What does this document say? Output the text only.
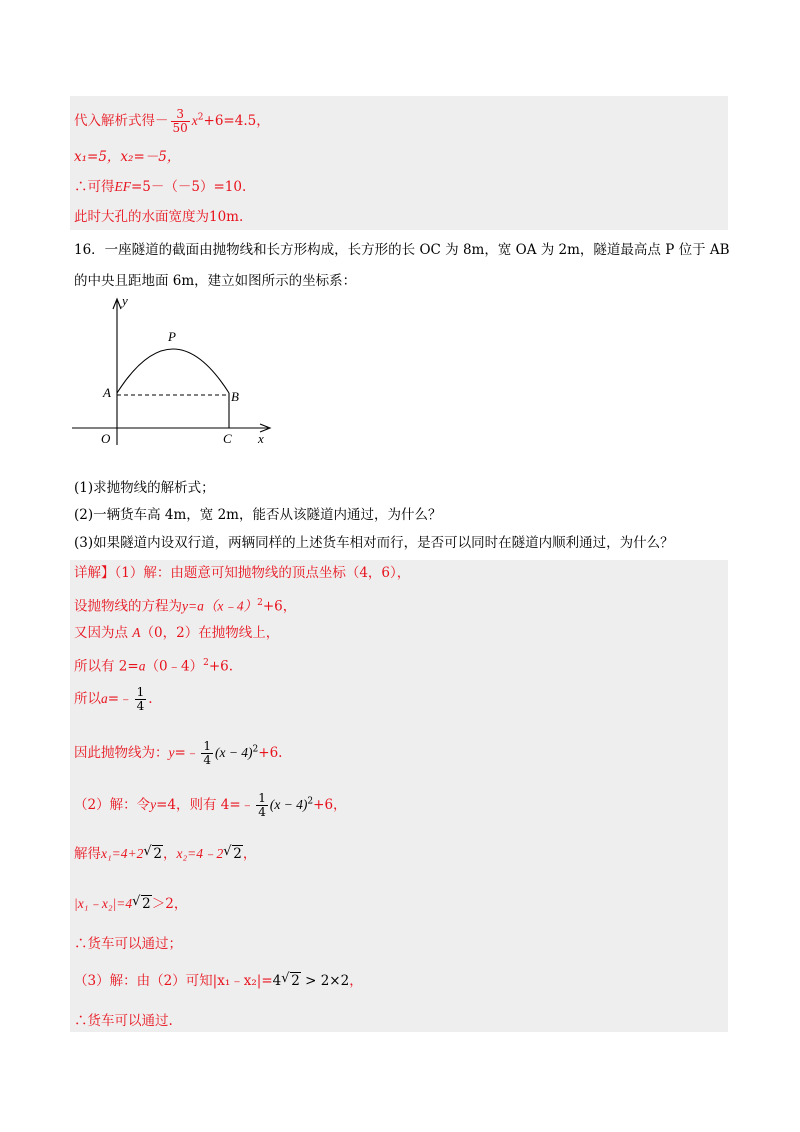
代入解析式得－ $\frac{3}{50} x^2+6=4.5$，
x₁=5，x₂=－5，
∴可得EF=5－（－5）=10.
此时大孔的水面宽度为10m.
16．一座隧道的截面由抛物线和长方形构成，长方形的长 OC 为 8m，宽 OA 为 2m，隧道最高点 P 位于 AB
的中央且距地面 6m，建立如图所示的坐标系：
y
P
A	B
O	C x
(1)求抛物线的解析式；
(2)一辆货车高 4m，宽 2m，能否从该隧道内通过，为什么？
(3)如果隧道内设双行道，两辆同样的上述货车相对而行，是否可以同时在隧道内顺利通过，为什么？
详解】（1）解：由题意可知抛物线的顶点坐标（4，6），
设抛物线的方程为y=a（x﹣4）$^2$+6，
又因为点 A（0，2）在抛物线上，
所以有 2=a（0﹣4）$^2$+6.
所以a=﹣ $\frac{1}{4}$ .
因此抛物线为：y=﹣ $\frac{1}{4} (x - 4)^2+6$.
（2）解：令y=4，则有 4=﹣ $\frac{1}{4} (x - 4)^2+6$，
解得x₁=4+2 √ 2，x₂=4﹣2 √ 2，
|x₁﹣x₂|=4 √ 2＞2，
∴货车可以通过；
（3）解：由（2）可知|x₁﹣x₂|=4 √ 2 > 2×2，
∴货车可以通过.
